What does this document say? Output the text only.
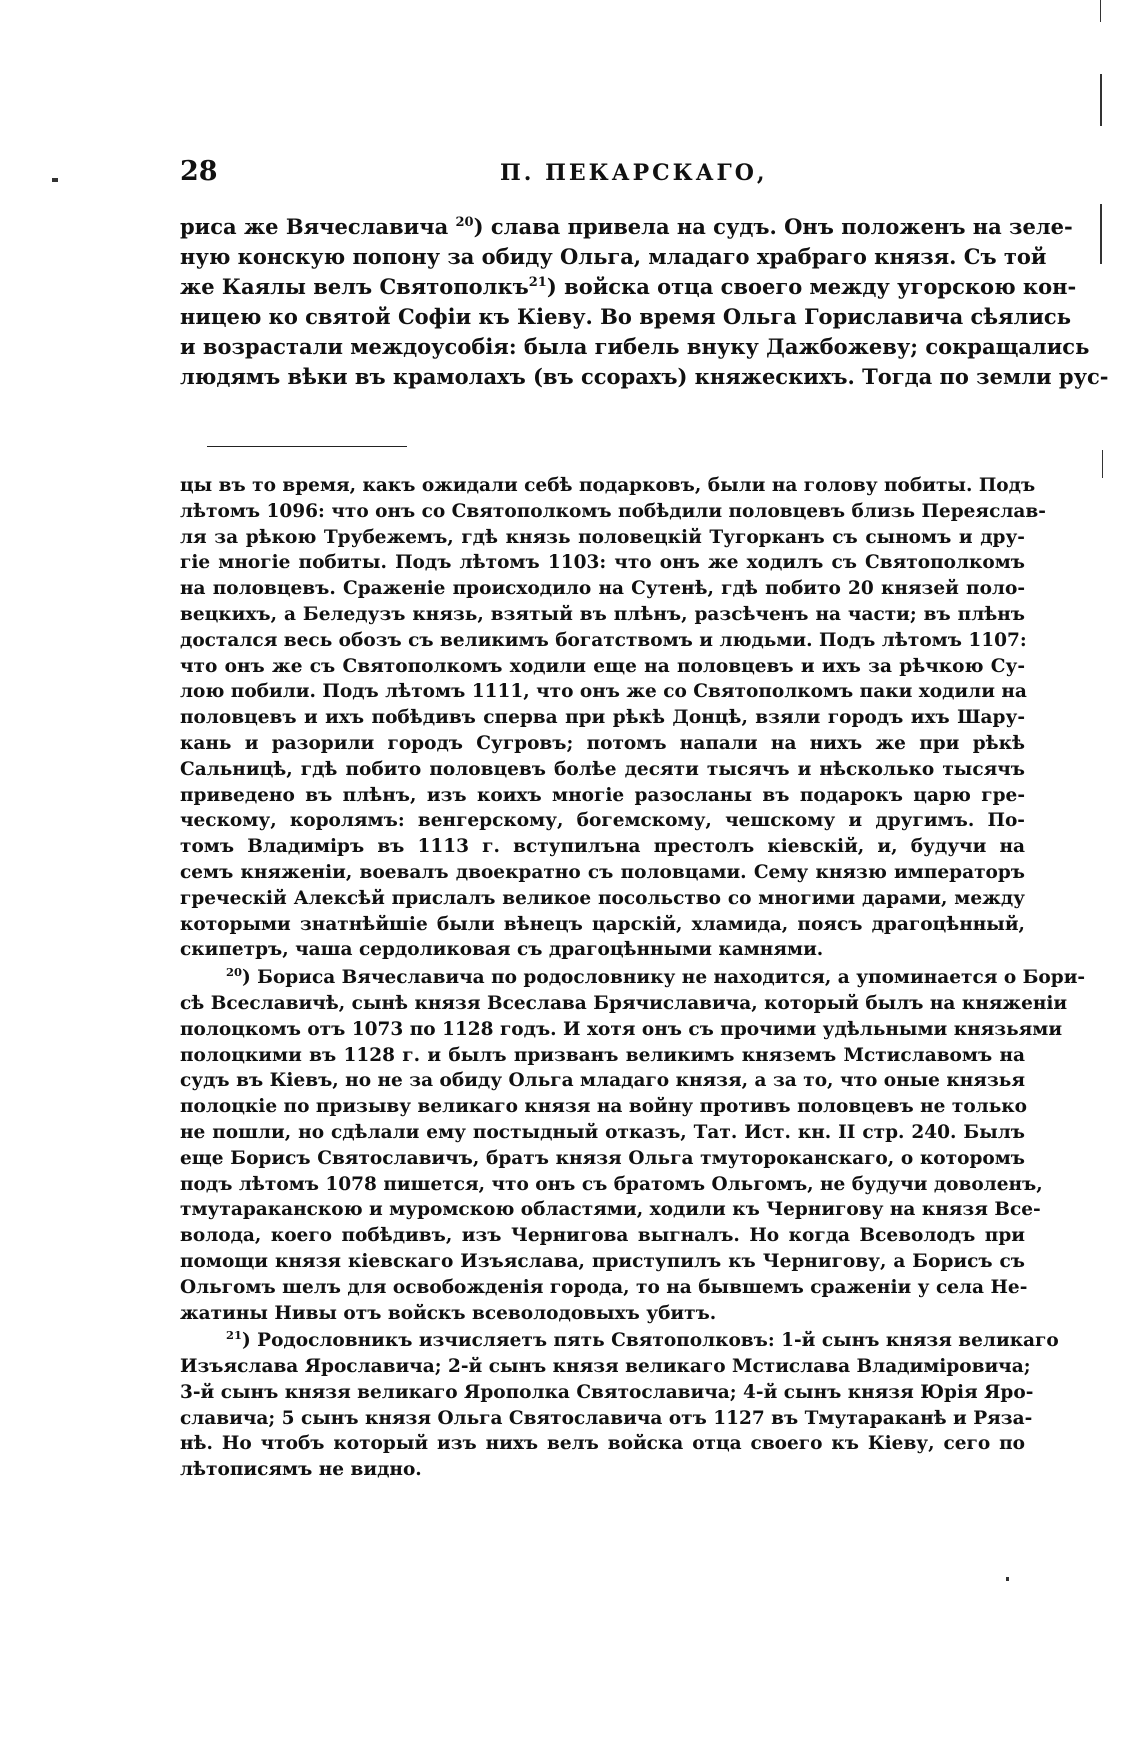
28	П. ПЕКАРСКАГО,
риса же Вячеславича $^{20}$) слава привела на судъ. Онъ положенъ на зеле-
ную конскую попону за обиду Ольга, младаго храбраго князя. Съ той
же Каялы велъ Святополкъ$^{21}$) войска отца своего между угорскою кон-
ницею ко святой Софіи къ Кіеву. Во время Ольга Гориславича сѣялись
и возрастали междоусобія: была гибель внуку Дажбожеву; сокращались
людямъ вѣки въ крамолахъ (въ ссорахъ) княжескихъ. Тогда по земли рус-
цы въ то время, какъ ожидали себѣ подарковъ, были на голову побиты. Подъ
лѣтомъ 1096: что онъ со Святополкомъ побѣдили половцевъ близь Переяслав-
ля за рѣкою Трубежемъ, гдѣ князь половецкій Тугорканъ съ сыномъ и дру-
гіе многіе побиты. Подъ лѣтомъ 1103: что онъ же ходилъ съ Святополкомъ
на половцевъ. Сраженіе происходило на Сутенѣ, гдѣ побито 20 князей поло-
вецкихъ, а Беледузъ князь, взятый въ плѣнъ, разсѣченъ на части; въ плѣнъ
достался весь обозъ съ великимъ богатствомъ и людьми. Подъ лѣтомъ 1107:
что онъ же съ Святополкомъ ходили еще на половцевъ и ихъ за рѣчкою Су-
лою побили. Подъ лѣтомъ 1111, что онъ же со Святополкомъ паки ходили на
половцевъ и ихъ побѣдивъ сперва при рѣкѣ Донцѣ, взяли городъ ихъ Шару-
кань и разорили городъ Сугровъ; потомъ напали на нихъ же при рѣкѣ
Сальницѣ, гдѣ побито половцевъ болѣе десяти тысячъ и нѣсколько тысячъ
приведено въ плѣнъ, изъ коихъ многіе разосланы въ подарокъ царю гре-
ческому, королямъ: венгерскому, богемскому, чешскому и другимъ. По-
томъ Владиміръ въ 1113 г. вступилъна престолъ кіевскій, и, будучи на
семъ княженіи, воевалъ двоекратно съ половцами. Сему князю императоръ
греческій Алексѣй прислалъ великое посольство со многими дарами, между
которыми знатнѣйшіе были вѣнецъ царскій, хламида, поясъ драгоцѣнный,
скипетръ, чаша сердоликовая съ драгоцѣнными камнями.
$^{20}$) Бориса Вячеславича по родословнику не находится, а упоминается о Бори-
сѣ Всеславичѣ, сынѣ князя Всеслава Брячиславича, который былъ на княженіи
полоцкомъ отъ 1073 по 1128 годъ. И хотя онъ съ прочими удѣльными князьями
полоцкими въ 1128 г. и былъ призванъ великимъ княземъ Мстиславомъ на
судъ въ Кіевъ, но не за обиду Ольга младаго князя, а за то, что оные князья
полоцкіе по призыву великаго князя на войну противъ половцевъ не только
не пошли, но сдѣлали ему постыдный отказъ, Тат. Ист. кн. II стр. 240. Былъ
еще Борисъ Святославичъ, братъ князя Ольга тмутороканскаго, о которомъ
подъ лѣтомъ 1078 пишется, что онъ съ братомъ Ольгомъ, не будучи доволенъ,
тмутараканскою и муромскою областями, ходили къ Чернигову на князя Все-
волода, коего побѣдивъ, изъ Чернигова выгналъ. Но когда Всеволодъ при
помощи князя кіевскаго Изъяслава, приступилъ къ Чернигову, а Борисъ съ
Ольгомъ шелъ для освобожденія города, то на бывшемъ сраженіи у села Не-
жатины Нивы отъ войскъ всеволодовыхъ убитъ.
$^{21}$) Родословникъ изчисляетъ пять Святополковъ: 1-й сынъ князя великаго
Изъяслава Ярославича; 2-й сынъ князя великаго Мстислава Владиміровича;
3-й сынъ князя великаго Ярополка Святославича; 4-й сынъ князя Юрія Яро-
славича; 5 сынъ князя Ольга Святославича отъ 1127 въ Тмутараканѣ и Рязa-
нѣ. Но чтобъ который изъ нихъ велъ войска отца своего къ Кіеву, сего по
лѣтописямъ не видно.
